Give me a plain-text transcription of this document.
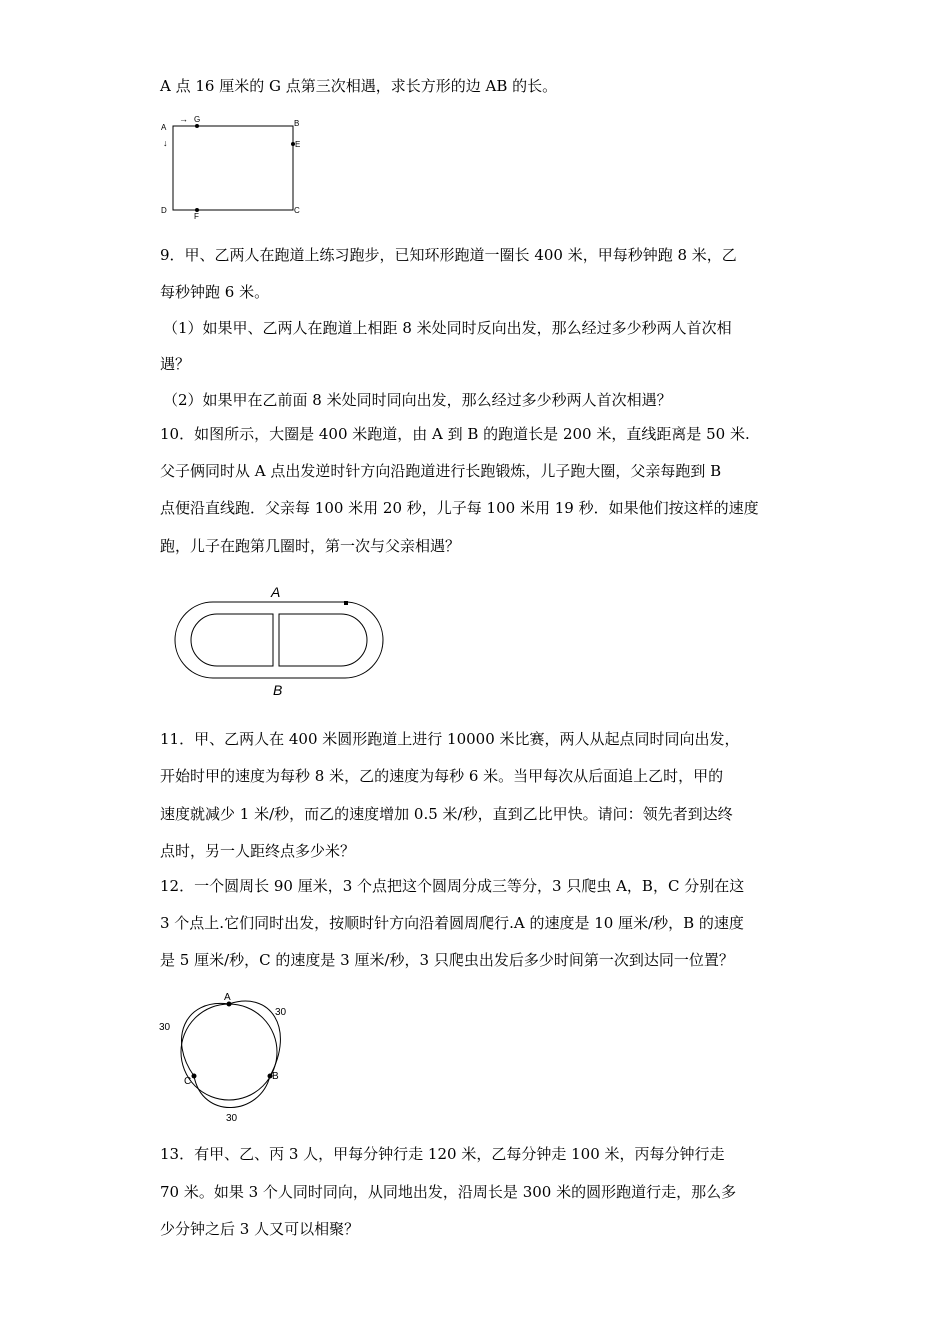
A 点 16 厘米的 G 点第三次相遇，求长方形的边 AB 的长。
A
→ G	B
E
↓
D
F
C
9．甲、乙两人在跑道上练习跑步，已知环形跑道一圈长 400 米，甲每秒钟跑 8 米，乙
每秒钟跑 6 米。
（1）如果甲、乙两人在跑道上相距 8 米处同时反向出发，那么经过多少秒两人首次相
遇？
（2）如果甲在乙前面 8 米处同时同向出发，那么经过多少秒两人首次相遇？
10．如图所示，大圈是 400 米跑道，由 A 到 B 的跑道长是 200 米，直线距离是 50 米.
父子俩同时从 A 点出发逆时针方向沿跑道进行长跑锻炼，儿子跑大圈，父亲每跑到 B
点便沿直线跑．父亲每 100 米用 20 秒，儿子每 100 米用 19 秒．如果他们按这样的速度
跑，儿子在跑第几圈时，第一次与父亲相遇？
A
B
11．甲、乙两人在 400 米圆形跑道上进行 10000 米比赛，两人从起点同时同向出发，
开始时甲的速度为每秒 8 米，乙的速度为每秒 6 米。当甲每次从后面追上乙时，甲的
速度就减少 1 米/秒，而乙的速度增加 0.5 米/秒，直到乙比甲快。请问：领先者到达终
点时，另一人距终点多少米？
12．一个圆周长 90 厘米，3 个点把这个圆周分成三等分，3 只爬虫 A，B，C 分别在这
3 个点上.它们同时出发，按顺时针方向沿着圆周爬行.A 的速度是 10 厘米/秒，B 的速度
是 5 厘米/秒，C 的速度是 3 厘米/秒，3 只爬虫出发后多少时间第一次到达同一位置？
A
B
C
30
30
30
13．有甲、乙、丙 3 人，甲每分钟行走 120 米，乙每分钟走 100 米，丙每分钟行走
70 米。如果 3 个人同时同向，从同地出发，沿周长是 300 米的圆形跑道行走，那么多
少分钟之后 3 人又可以相聚？
